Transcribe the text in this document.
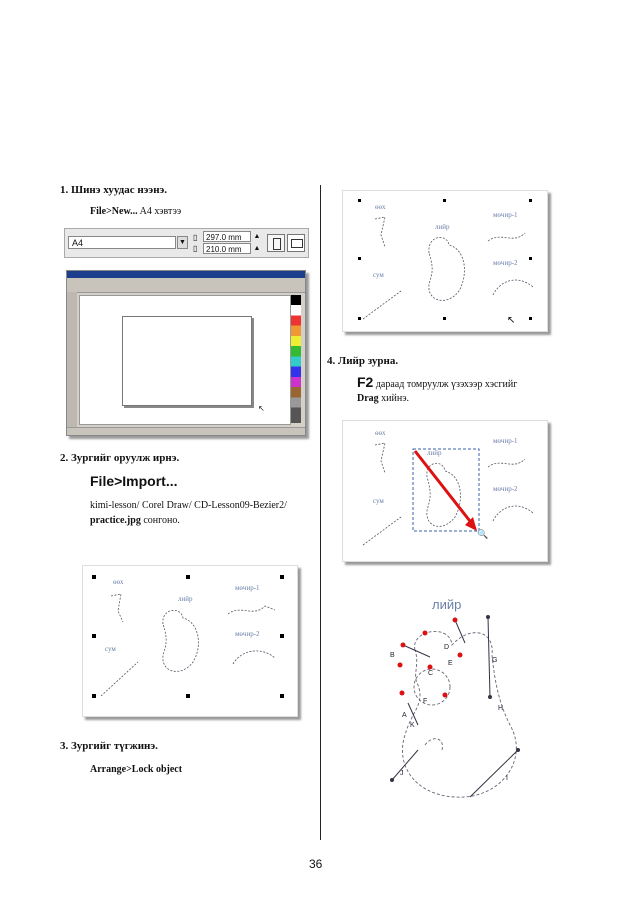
1. Шинэ хуудас нээнэ.
File>New... A4 хэвтээ
A4	▼ ▯	297.0 mm	▲
▯	210.0 mm	▲
↖
2. Зургийг оруулж ирнэ.
File>Import...
kimi-lesson/ Corel Draw/ CD-Lesson09-Bezier2/
practice.jpg сонгоно.
өөх
лийр
мөчир-1
мөчир-2
сум
3. Зургийг түгжинэ.
Arrange>Lock object
өөх
лийр
мөчир-1
мөчир-2
сум
↖
4. Лийр зурна.
F2 дараад томруулж үзэхээр хэсгийг
Drag хийнэ.
өөх
лийр
мөчир-1
мөчир-2
сум
🔍
лийр
B
C
D
E	G
A
K
J
I
H
F
36
